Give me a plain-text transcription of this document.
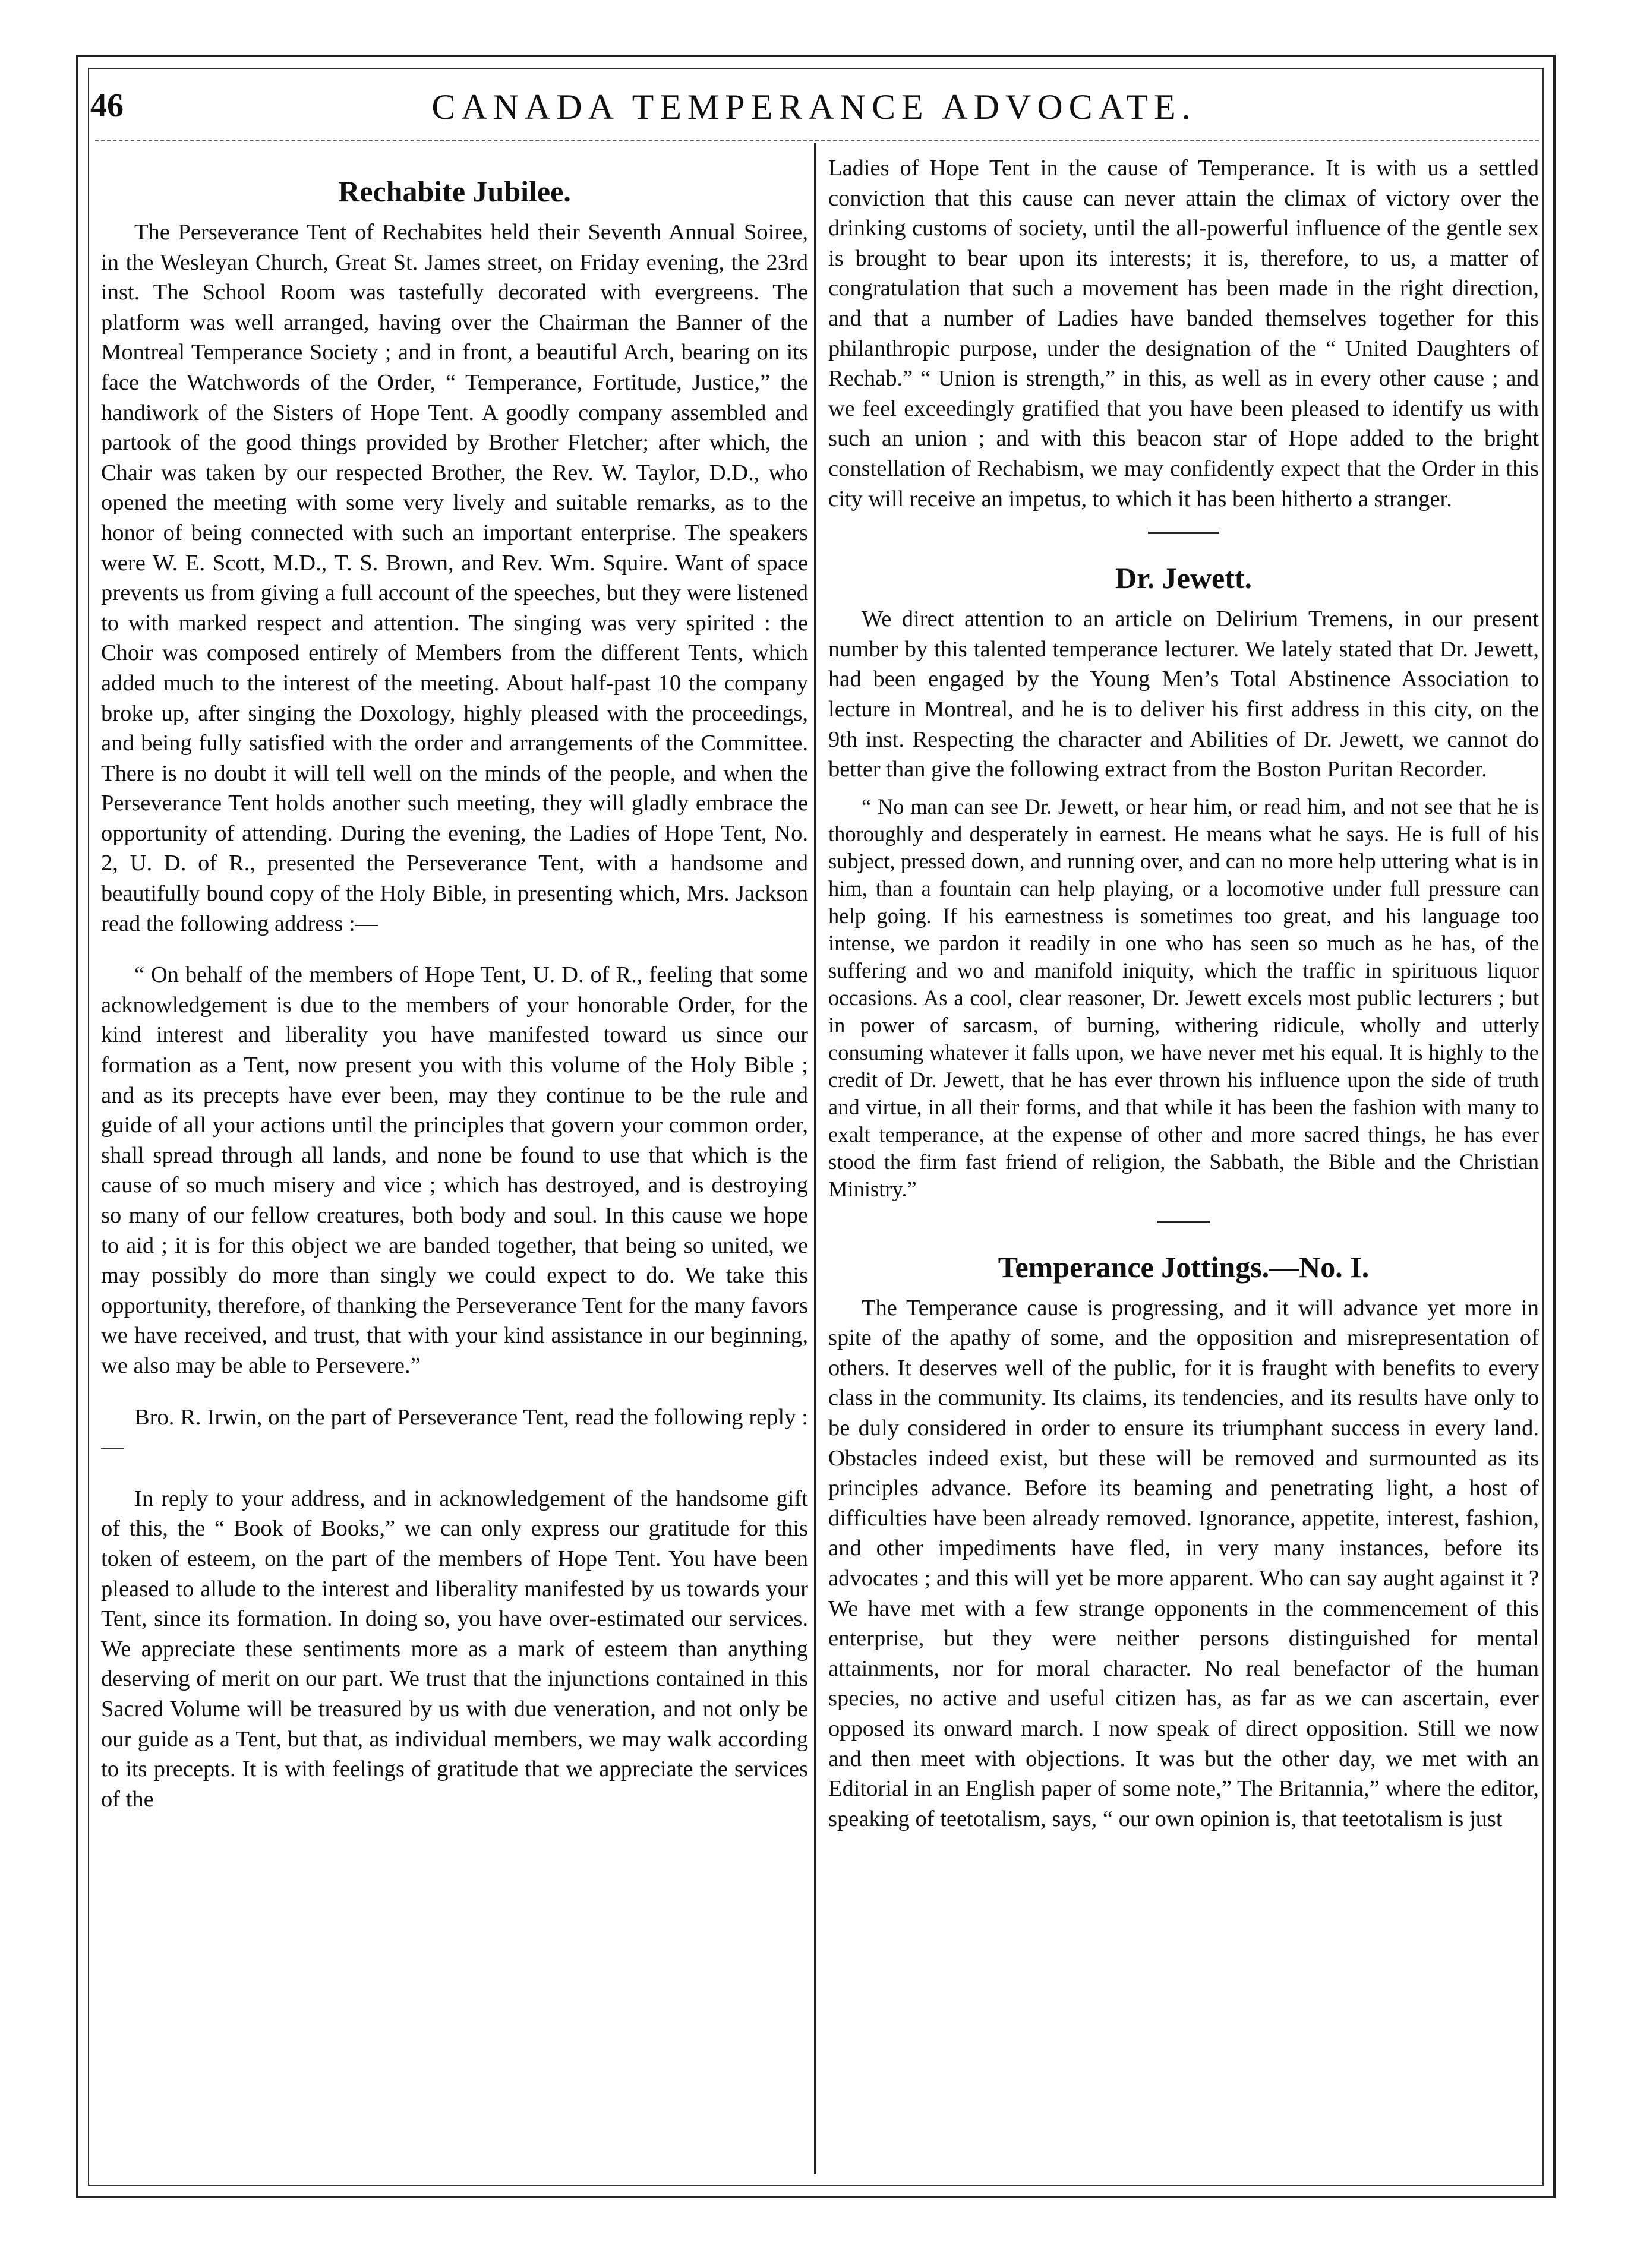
46	CANADA TEMPERANCE ADVOCATE.
Rechabite Jubilee.

The Perseverance Tent of Rechabites held their Seventh Annual Soiree, in the Wesleyan Church, Great St. James street, on Friday evening, the 23rd inst. The School Room was tastefully decorated with evergreens. The platform was well arranged, having over the Chairman the Banner of the Montreal Temperance Society ; and in front, a beautiful Arch, bearing on its face the Watchwords of the Order, “ Temperance, Fortitude, Justice,” the handiwork of the Sisters of Hope Tent. A goodly company assembled and partook of the good things provided by Brother Fletcher; after which, the Chair was taken by our respected Brother, the Rev. W. Taylor, D.D., who opened the meeting with some very lively and suitable remarks, as to the honor of being connected with such an important enterprise. The speakers were W. E. Scott, M.D., T. S. Brown, and Rev. Wm. Squire. Want of space prevents us from giving a full account of the speeches, but they were listened to with marked respect and attention. The singing was very spirited : the Choir was composed entirely of Members from the different Tents, which added much to the interest of the meeting. About half-past 10 the company broke up, after singing the Doxology, highly pleased with the proceedings, and being fully satisfied with the order and arrangements of the Committee. There is no doubt it will tell well on the minds of the people, and when the Perseverance Tent holds another such meeting, they will gladly embrace the opportunity of attending. During the evening, the Ladies of Hope Tent, No. 2, U. D. of R., presented the Perseverance Tent, with a handsome and beautifully bound copy of the Holy Bible, in presenting which, Mrs. Jackson read the following address :—

“ On behalf of the members of Hope Tent, U. D. of R., feeling that some acknowledgement is due to the members of your honorable Order, for the kind interest and liberality you have manifested toward us since our formation as a Tent, now present you with this volume of the Holy Bible ; and as its precepts have ever been, may they continue to be the rule and guide of all your actions until the principles that govern your common order, shall spread through all lands, and none be found to use that which is the cause of so much misery and vice ; which has destroyed, and is destroying so many of our fellow creatures, both body and soul. In this cause we hope to aid ; it is for this object we are banded together, that being so united, we may possibly do more than singly we could expect to do. We take this opportunity, therefore, of thanking the Perseverance Tent for the many favors we have received, and trust, that with your kind assistance in our beginning, we also may be able to Persevere.”

Bro. R. Irwin, on the part of Perseverance Tent, read the following reply :—

In reply to your address, and in acknowledgement of the handsome gift of this, the “ Book of Books,” we can only express our gratitude for this token of esteem, on the part of the members of Hope Tent. You have been pleased to allude to the interest and liberality manifested by us towards your Tent, since its formation. In doing so, you have over-estimated our services. We appreciate these sentiments more as a mark of esteem than anything deserving of merit on our part. We trust that the injunctions contained in this Sacred Volume will be treasured by us with due veneration, and not only be our guide as a Tent, but that, as individual members, we may walk according to its precepts. It is with feelings of gratitude that we appreciate the services of the

Ladies of Hope Tent in the cause of Temperance. It is with us a settled conviction that this cause can never attain the climax of victory over the drinking customs of society, until the all-powerful influence of the gentle sex is brought to bear upon its interests; it is, therefore, to us, a matter of congratulation that such a movement has been made in the right direction, and that a number of Ladies have banded themselves together for this philanthropic purpose, under the designation of the “ United Daughters of Rechab.” “ Union is strength,” in this, as well as in every other cause ; and we feel exceedingly gratified that you have been pleased to identify us with such an union ; and with this beacon star of Hope added to the bright constellation of Rechabism, we may confidently expect that the Order in this city will receive an impetus, to which it has been hitherto a stranger.

Dr. Jewett.

We direct attention to an article on Delirium Tremens, in our present number by this talented temperance lecturer. We lately stated that Dr. Jewett, had been engaged by the Young Men’s Total Abstinence Association to lecture in Montreal, and he is to deliver his first address in this city, on the 9th inst. Respecting the character and Abilities of Dr. Jewett, we cannot do better than give the following extract from the Boston Puritan Recorder.

“ No man can see Dr. Jewett, or hear him, or read him, and not see that he is thoroughly and desperately in earnest. He means what he says. He is full of his subject, pressed down, and running over, and can no more help uttering what is in him, than a fountain can help playing, or a locomotive under full pressure can help going. If his earnestness is sometimes too great, and his language too intense, we pardon it readily in one who has seen so much as he has, of the suffering and wo and manifold iniquity, which the traffic in spirituous liquor occasions. As a cool, clear reasoner, Dr. Jewett excels most public lecturers ; but in power of sarcasm, of burning, withering ridicule, wholly and utterly consuming whatever it falls upon, we have never met his equal. It is highly to the credit of Dr. Jewett, that he has ever thrown his influence upon the side of truth and virtue, in all their forms, and that while it has been the fashion with many to exalt temperance, at the expense of other and more sacred things, he has ever stood the firm fast friend of religion, the Sabbath, the Bible and the Christian Ministry.”

Temperance Jottings.—No. I.

The Temperance cause is progressing, and it will advance yet more in spite of the apathy of some, and the opposition and misrepresentation of others. It deserves well of the public, for it is fraught with benefits to every class in the community. Its claims, its tendencies, and its results have only to be duly considered in order to ensure its triumphant success in every land. Obstacles indeed exist, but these will be removed and surmounted as its principles advance. Before its beaming and penetrating light, a host of difficulties have been already removed. Ignorance, appetite, interest, fashion, and other impediments have fled, in very many instances, before its advocates ; and this will yet be more apparent. Who can say aught against it ? We have met with a few strange opponents in the commencement of this enterprise, but they were neither persons distinguished for mental attainments, nor for moral character. No real benefactor of the human species, no active and useful citizen has, as far as we can ascertain, ever opposed its onward march. I now speak of direct opposition. Still we now and then meet with objections. It was but the other day, we met with an Editorial in an English paper of some note,” The Britannia,” where the editor, speaking of teetotalism, says, “ our own opinion is, that teetotalism is just
